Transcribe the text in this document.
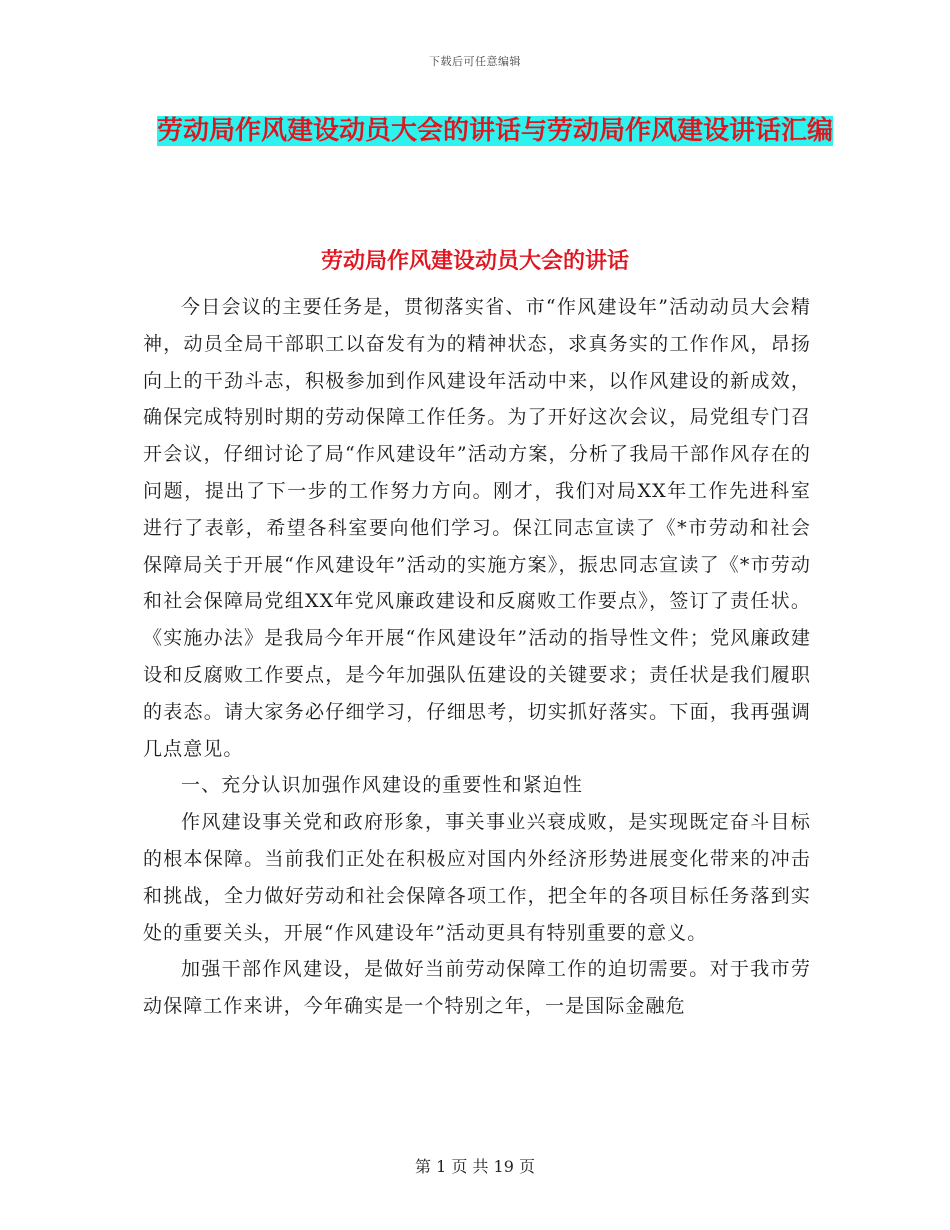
下载后可任意编辑
劳动局作风建设动员大会的讲话与劳动局作风建设讲话汇编
劳动局作风建设动员大会的讲话

今日会议的主要任务是，贯彻落实省、市“作风建设年”活动动员大会精神，动员全局干部职工以奋发有为的精神状态，求真务实的工作作风，昂扬向上的干劲斗志，积极参加到作风建设年活动中来，以作风建设的新成效，确保完成特别时期的劳动保障工作任务。为了开好这次会议，局党组专门召开会议，仔细讨论了局“作风建设年”活动方案，分析了我局干部作风存在的问题，提出了下一步的工作努力方向。刚才，我们对局XX年工作先进科室进行了表彰，希望各科室要向他们学习。保江同志宣读了《*市劳动和社会保障局关于开展“作风建设年”活动的实施方案》，振忠同志宣读了《*市劳动和社会保障局党组XX年党风廉政建设和反腐败工作要点》，签订了责任状。《实施办法》是我局今年开展“作风建设年”活动的指导性文件；党风廉政建设和反腐败工作要点，是今年加强队伍建设的关键要求；责任状是我们履职的表态。请大家务必仔细学习，仔细思考，切实抓好落实。下面，我再强调几点意见。

一、充分认识加强作风建设的重要性和紧迫性

作风建设事关党和政府形象，事关事业兴衰成败，是实现既定奋斗目标的根本保障。当前我们正处在积极应对国内外经济形势进展变化带来的冲击和挑战，全力做好劳动和社会保障各项工作，把全年的各项目标任务落到实处的重要关头，开展“作风建设年”活动更具有特别重要的意义。

加强干部作风建设，是做好当前劳动保障工作的迫切需要。对于我市劳动保障工作来讲，今年确实是一个特别之年，一是国际金融危

第 1 页 共 19 页
